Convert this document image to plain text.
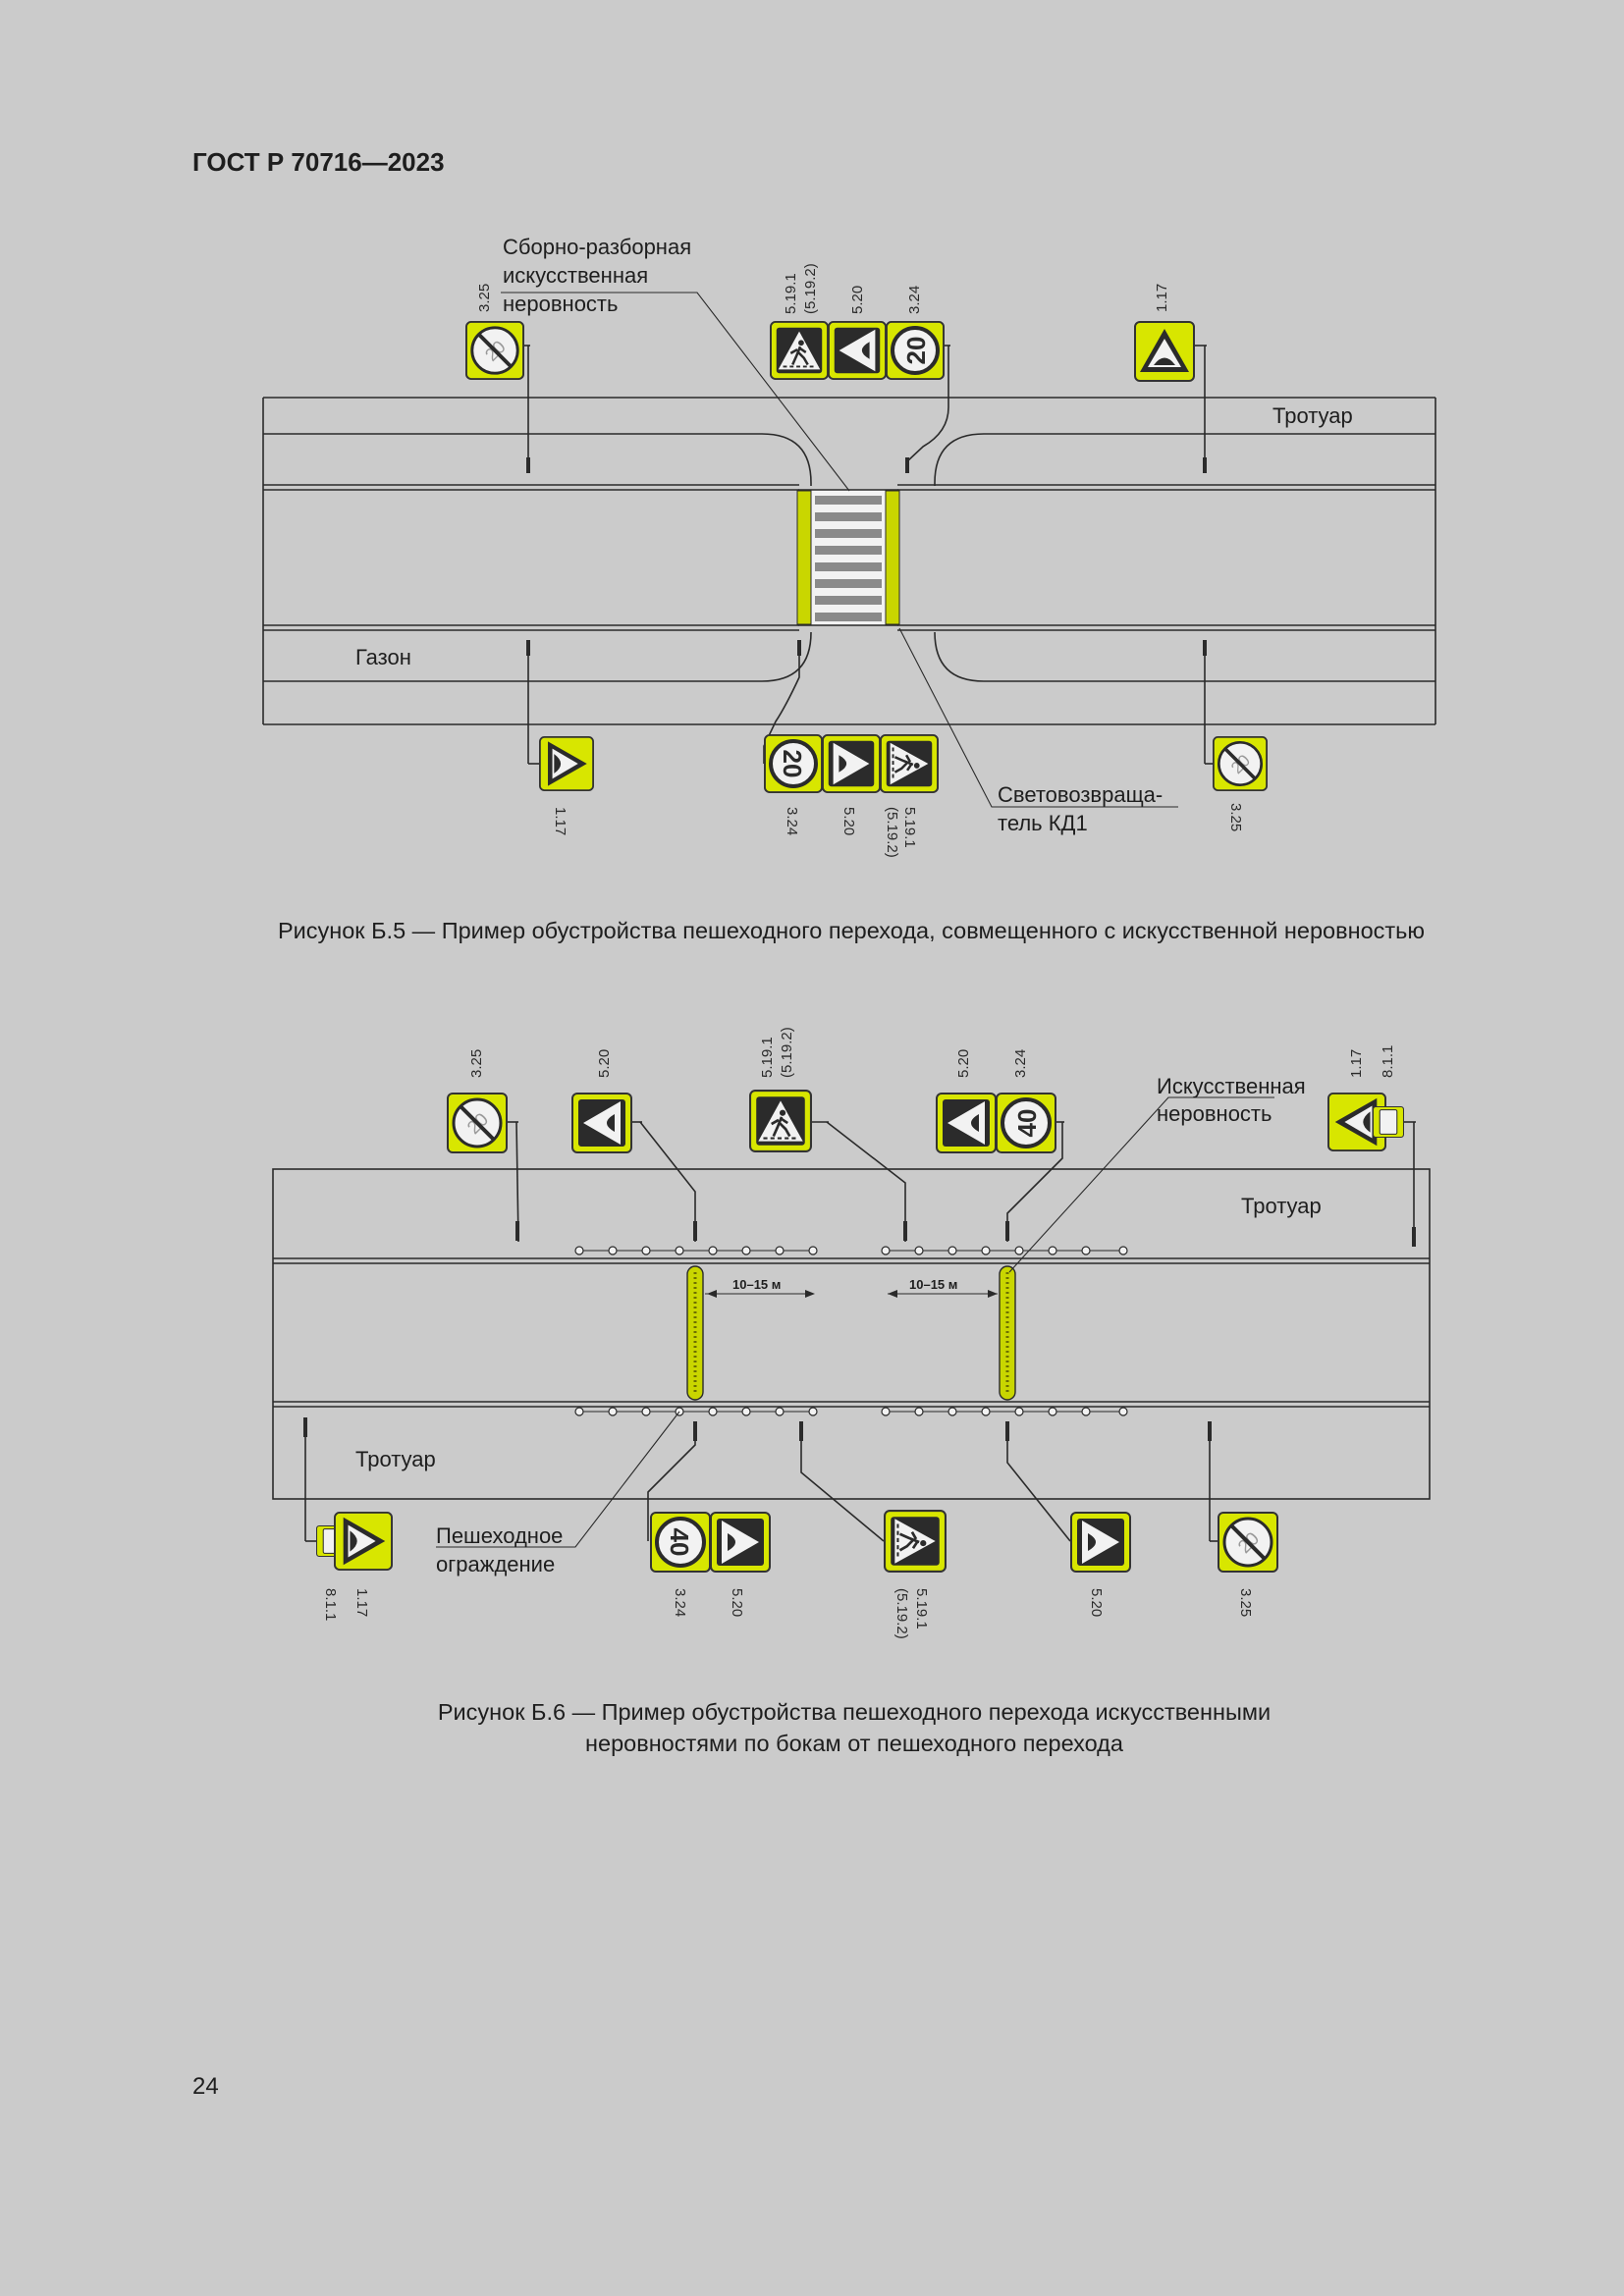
ГОСТ Р 70716—2023
3.25
20
5.19.1 (5.19.2) 5.20	3.24	1.17
1.17
20
3.24	5.20	5.19.1
(5.19.2)	3.25
Сборно-разборная
искусственная
неровность
Тротуар
Газон
Световозвраща-
тель КД1
Рисунок Б.5 — Пример обустройства пешеходного перехода, совмещенного с искусственной неровностью
10–15 м	10–15 м
3.25	5.20	5.19.1 (5.19.2)
40
5.20	3.24	1.17 8.1.1
8.1.1 1.17
40
3.24	5.20	5.19.1
(5.19.2)	5.20	3.25
Искусственная
неровность
Тротуар
Тротуар
Пешеходное
ограждение
Рисунок Б.6 — Пример обустройства пешеходного перехода искусственными
неровностями по бокам от пешеходного перехода
24
